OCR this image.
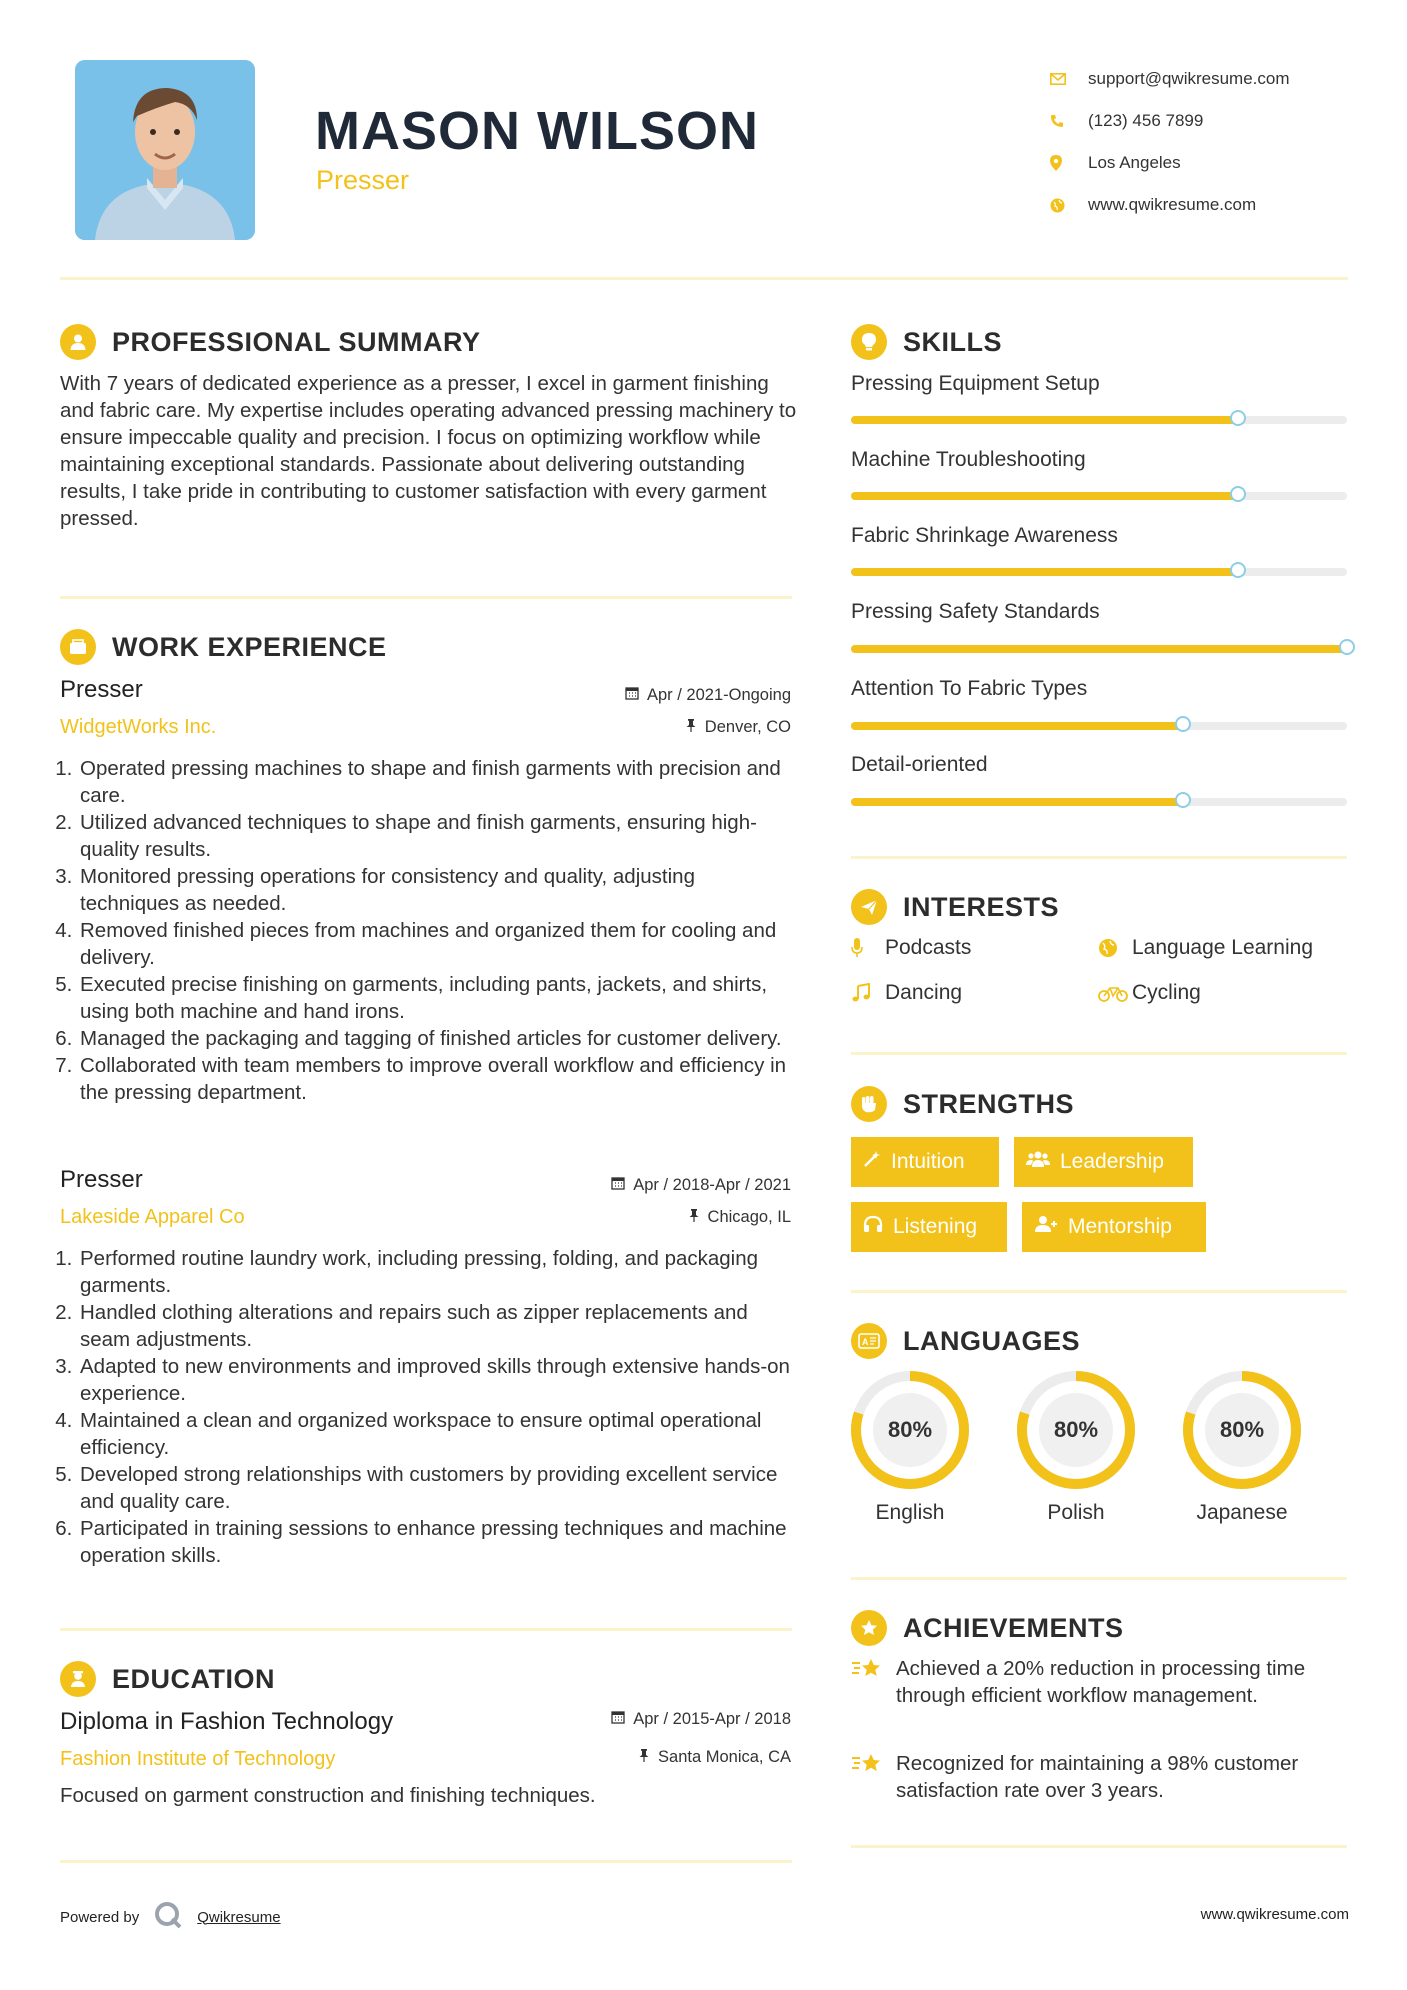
MASON WILSON
Presser
support@qwikresume.com
(123) 456 7899
Los Angeles
www.qwikresume.com
PROFESSIONAL SUMMARY
With 7 years of dedicated experience as a presser, I excel in garment finishing and fabric care. My expertise includes operating advanced pressing machinery to ensure impeccable quality and precision. I focus on optimizing workflow while maintaining exceptional standards. Passionate about delivering outstanding results, I take pride in contributing to customer satisfaction with every garment pressed.
WORK EXPERIENCE
Presser
WidgetWorks Inc.
Apr / 2021-Ongoing
Denver, CO
1. Operated pressing machines to shape and finish garments with precision and care.
2. Utilized advanced techniques to shape and finish garments, ensuring high-quality results.
3. Monitored pressing operations for consistency and quality, adjusting techniques as needed.
4. Removed finished pieces from machines and organized them for cooling and delivery.
5. Executed precise finishing on garments, including pants, jackets, and shirts, using both machine and hand irons.
6. Managed the packaging and tagging of finished articles for customer delivery.
7. Collaborated with team members to improve overall workflow and efficiency in the pressing department.
Presser
Lakeside Apparel Co
Apr / 2018-Apr / 2021
Chicago, IL
1. Performed routine laundry work, including pressing, folding, and packaging garments.
2. Handled clothing alterations and repairs such as zipper replacements and seam adjustments.
3. Adapted to new environments and improved skills through extensive hands-on experience.
4. Maintained a clean and organized workspace to ensure optimal operational efficiency.
5. Developed strong relationships with customers by providing excellent service and quality care.
6. Participated in training sessions to enhance pressing techniques and machine operation skills.
EDUCATION
Diploma in Fashion Technology
Fashion Institute of Technology
Apr / 2015-Apr / 2018
Santa Monica, CA
Focused on garment construction and finishing techniques.
SKILLS
Pressing Equipment Setup
Machine Troubleshooting
Fabric Shrinkage Awareness
Pressing Safety Standards
Attention To Fabric Types
Detail-oriented
INTERESTS
Podcasts	Language Learning
Dancing	Cycling
STRENGTHS
Intuition	Leadership
Listening	Mentorship
A LANGUAGES
80%
English
80%
Polish
80%
Japanese
ACHIEVEMENTS
Achieved a 20% reduction in processing time through efficient workflow management.
Recognized for maintaining a 98% customer satisfaction rate over 3 years.
Powered by	Qwikresume	www.qwikresume.com
